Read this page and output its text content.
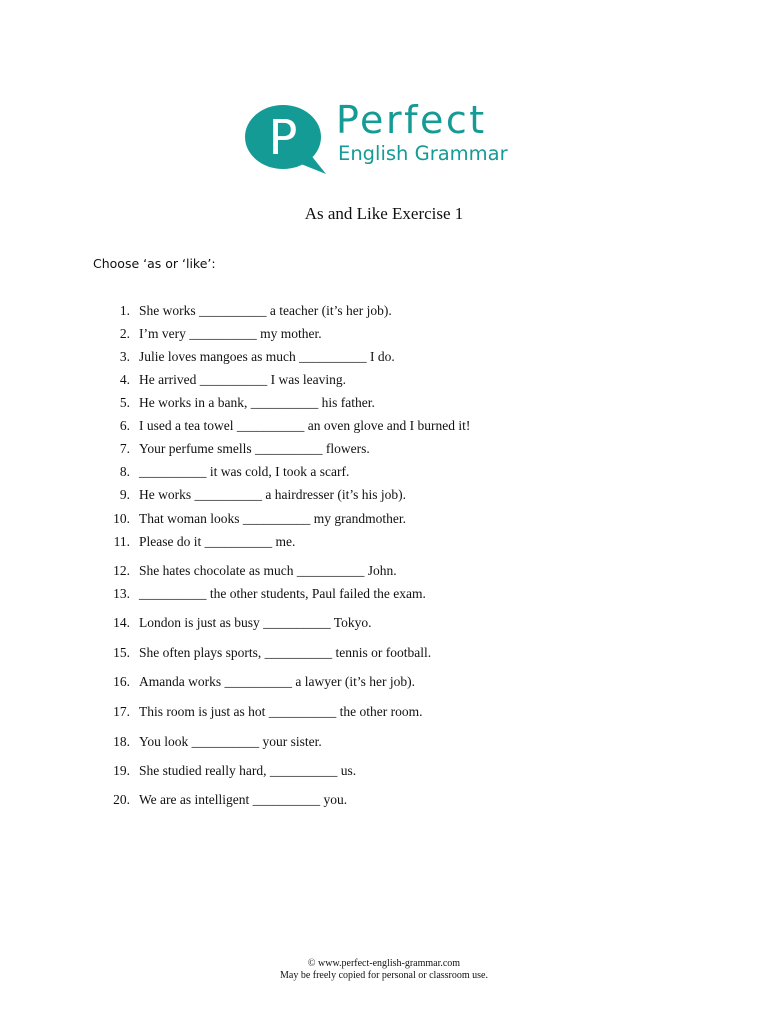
P Perfect
English Grammar
As and Like Exercise 1
Choose ‘as or ‘like’:
1. She works __________ a teacher (it’s her job).
2. I’m very __________ my mother.
3. Julie loves mangoes as much __________ I do.
4. He arrived __________ I was leaving.
5. He works in a bank, __________ his father.
6. I used a tea towel __________ an oven glove and I burned it!
7. Your perfume smells __________ flowers.
8. __________ it was cold, I took a scarf.
9. He works __________ a hairdresser (it’s his job).
10. That woman looks __________ my grandmother.
11. Please do it __________ me.
12. She hates chocolate as much __________ John.
13. __________ the other students, Paul failed the exam.
14. London is just as busy __________ Tokyo.
15. She often plays sports, __________ tennis or football.
16. Amanda works __________ a lawyer (it’s her job).
17. This room is just as hot __________ the other room.
18. You look __________ your sister.
19. She studied really hard, __________ us.
20. We are as intelligent __________ you.
© www.perfect-english-grammar.com
May be freely copied for personal or classroom use.
